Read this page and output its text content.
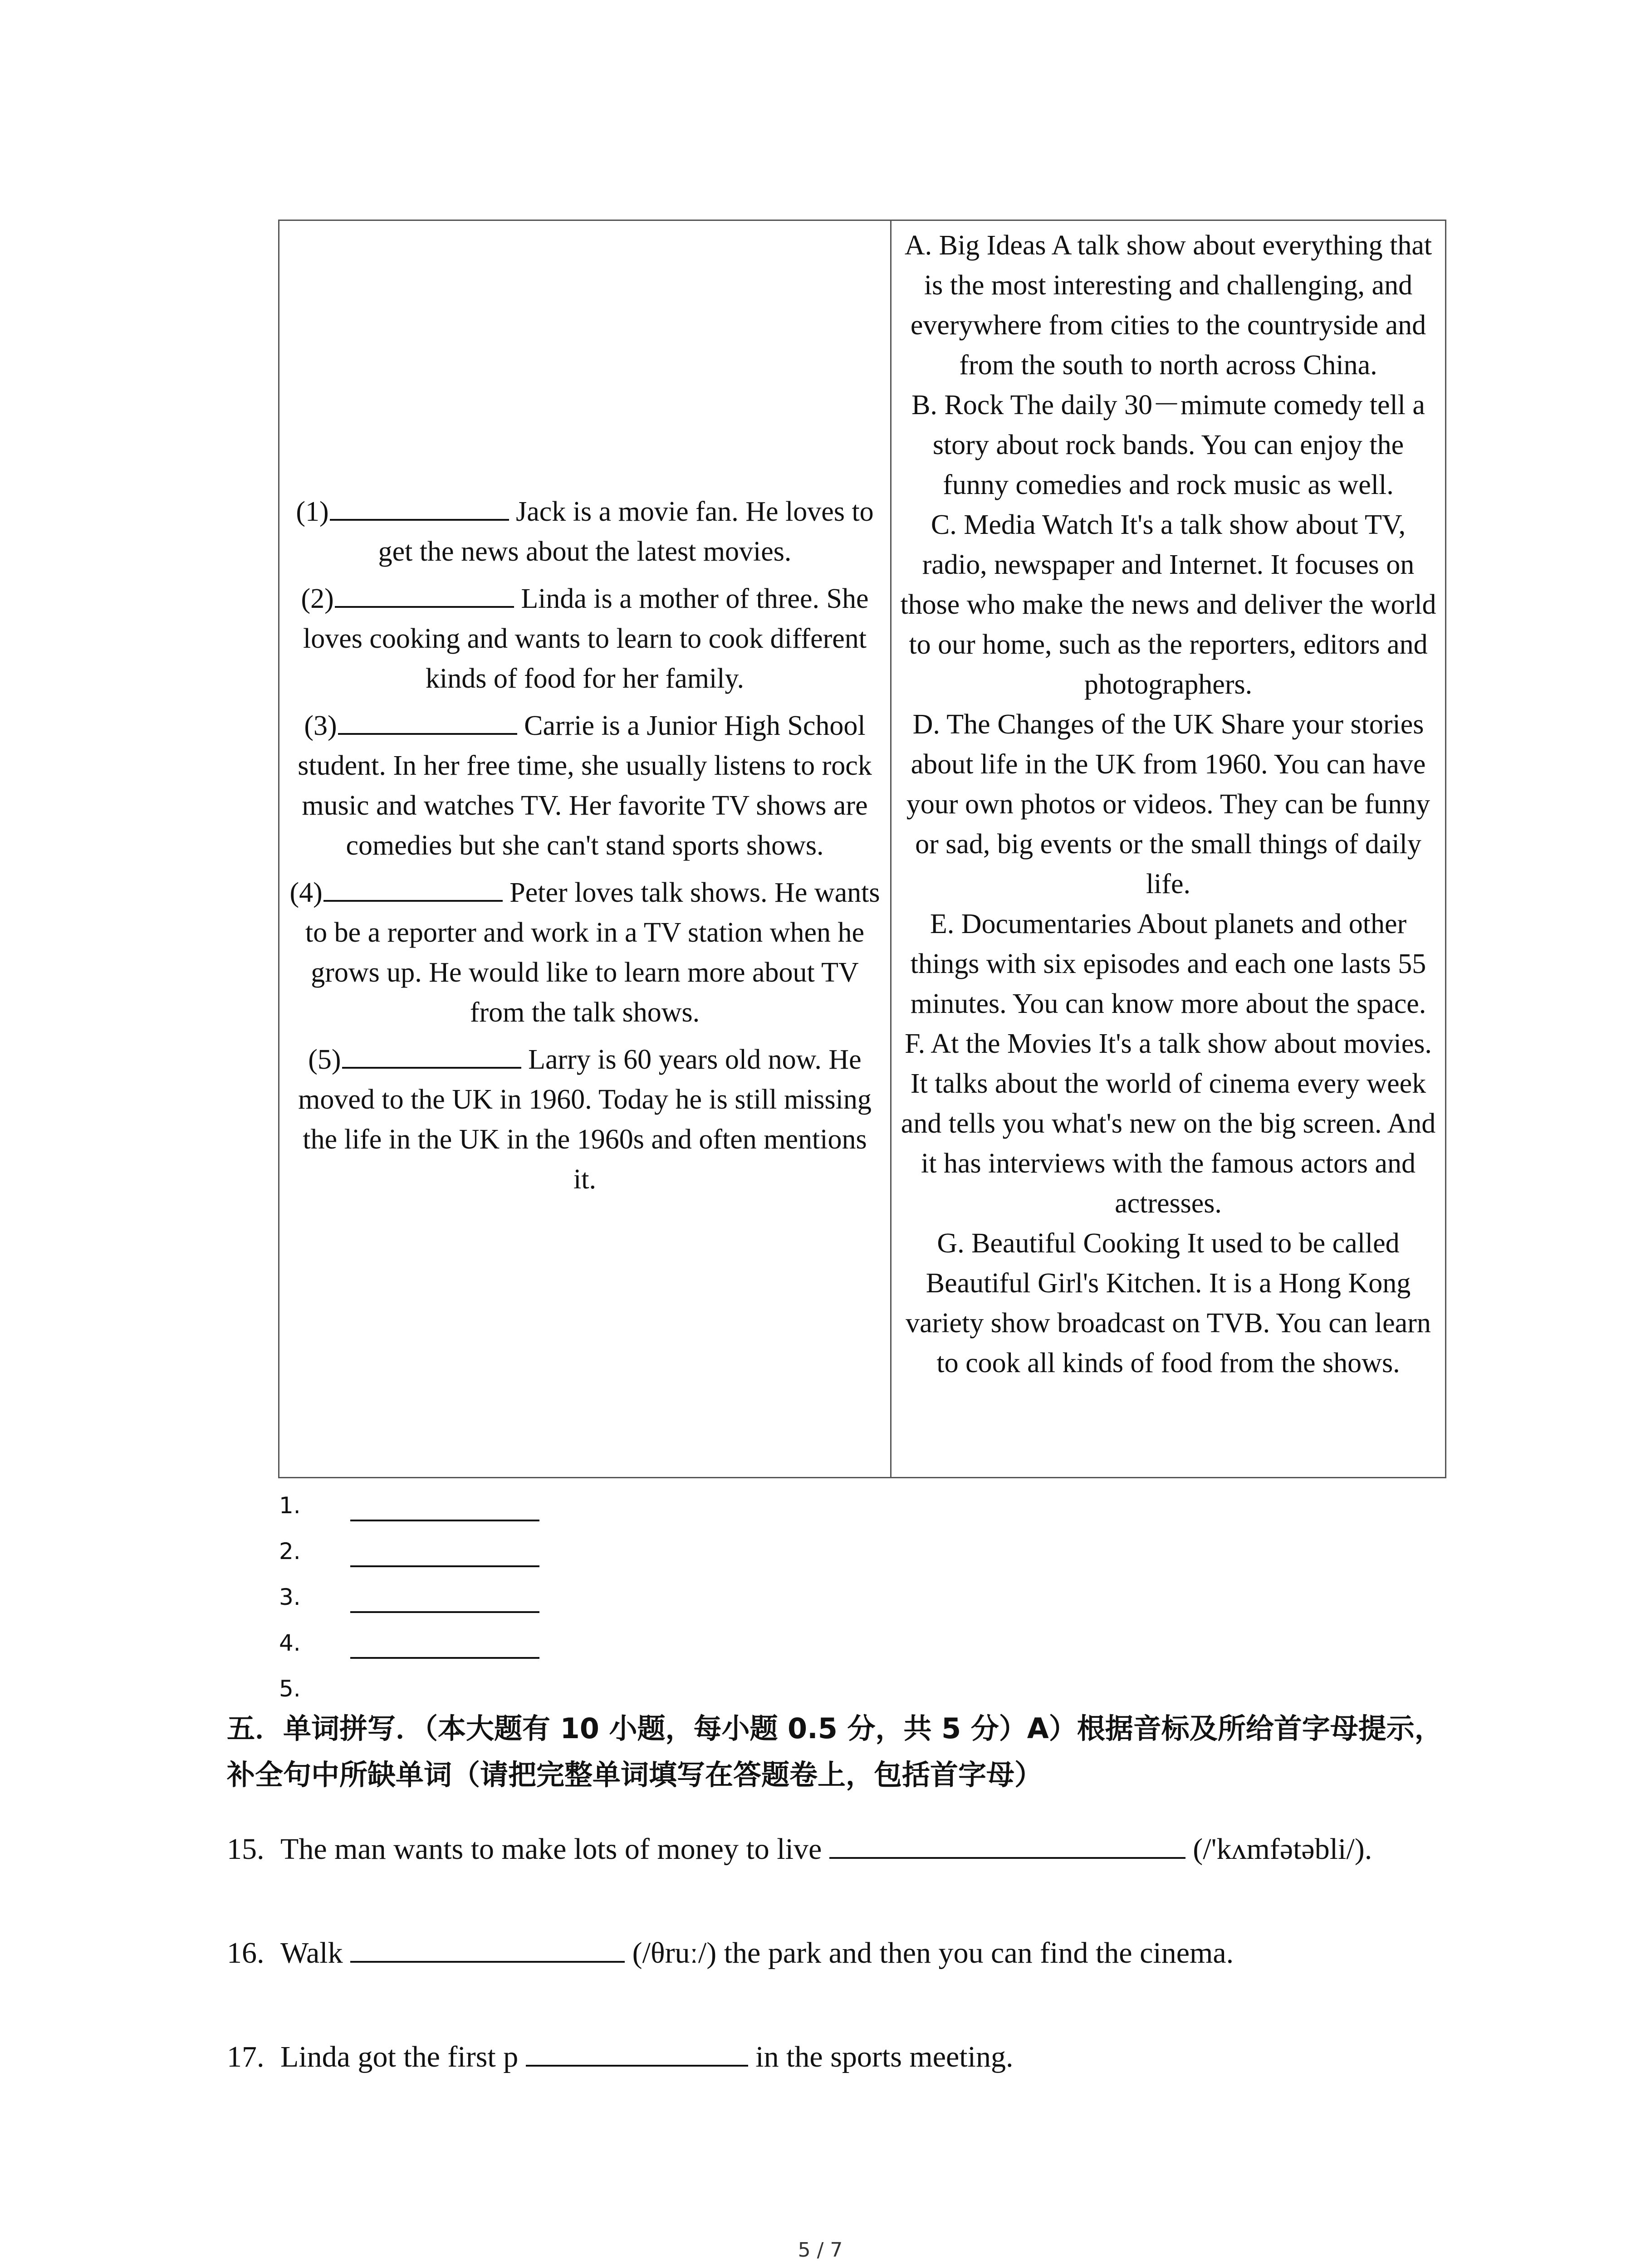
(1)	Jack is a movie fan. He loves to get the news about the latest movies.
(2)	Linda is a mother of three. She loves cooking and wants to learn to cook different kinds of food for her family.
(3)	Carrie is a Junior High School student. In her free time, she usually listens to rock music and watches TV. Her favorite TV shows are comedies but she can't stand sports shows.
(4)	Peter loves talk shows. He wants to be a reporter and work in a TV station when he grows up. He would like to learn more about TV from the talk shows.
(5)	Larry is 60 years old now. He moved to the UK in 1960. Today he is still missing the life in the UK in the 1960s and often mentions it.

A. Big Ideas A talk show about everything that is the most interesting and challenging, and everywhere from cities to the countryside and from the south to north across China.

B. Rock The daily 30－mimute comedy tell a story about rock bands. You can enjoy the funny comedies and rock music as well.

C. Media Watch It's a talk show about TV, radio, newspaper and Internet. It focuses on those who make the news and deliver the world to our home, such as the reporters, editors and photographers.

D. The Changes of the UK Share your stories about life in the UK from 1960. You can have your own photos or videos. They can be funny or sad, big events or the small things of daily life.

E. Documentaries About planets and other things with six episodes and each one lasts 55 minutes. You can know more about the space.

F. At the Movies It's a talk show about movies. It talks about the world of cinema every week and tells you what's new on the big screen. And it has interviews with the famous actors and actresses.

G. Beautiful Cooking It used to be called Beautiful Girl's Kitchen. It is a Hong Kong variety show broadcast on TVB. You can learn to cook all kinds of food from the shows.

1.
2.
3.
4.
5.
五．单词拼写．（本大题有 10 小题，每小题 0.5 分，共 5 分）A）根据音标及所给首字母提示，补全句中所缺单词（请把完整单词填写在答题卷上，包括首字母）
15. The man wants to make lots of money to live	(/'kʌmfətəbli/).
16. Walk	(/θruː/) the park and then you can find the cinema.
17. Linda got the first p	in the sports meeting.
5 / 7
